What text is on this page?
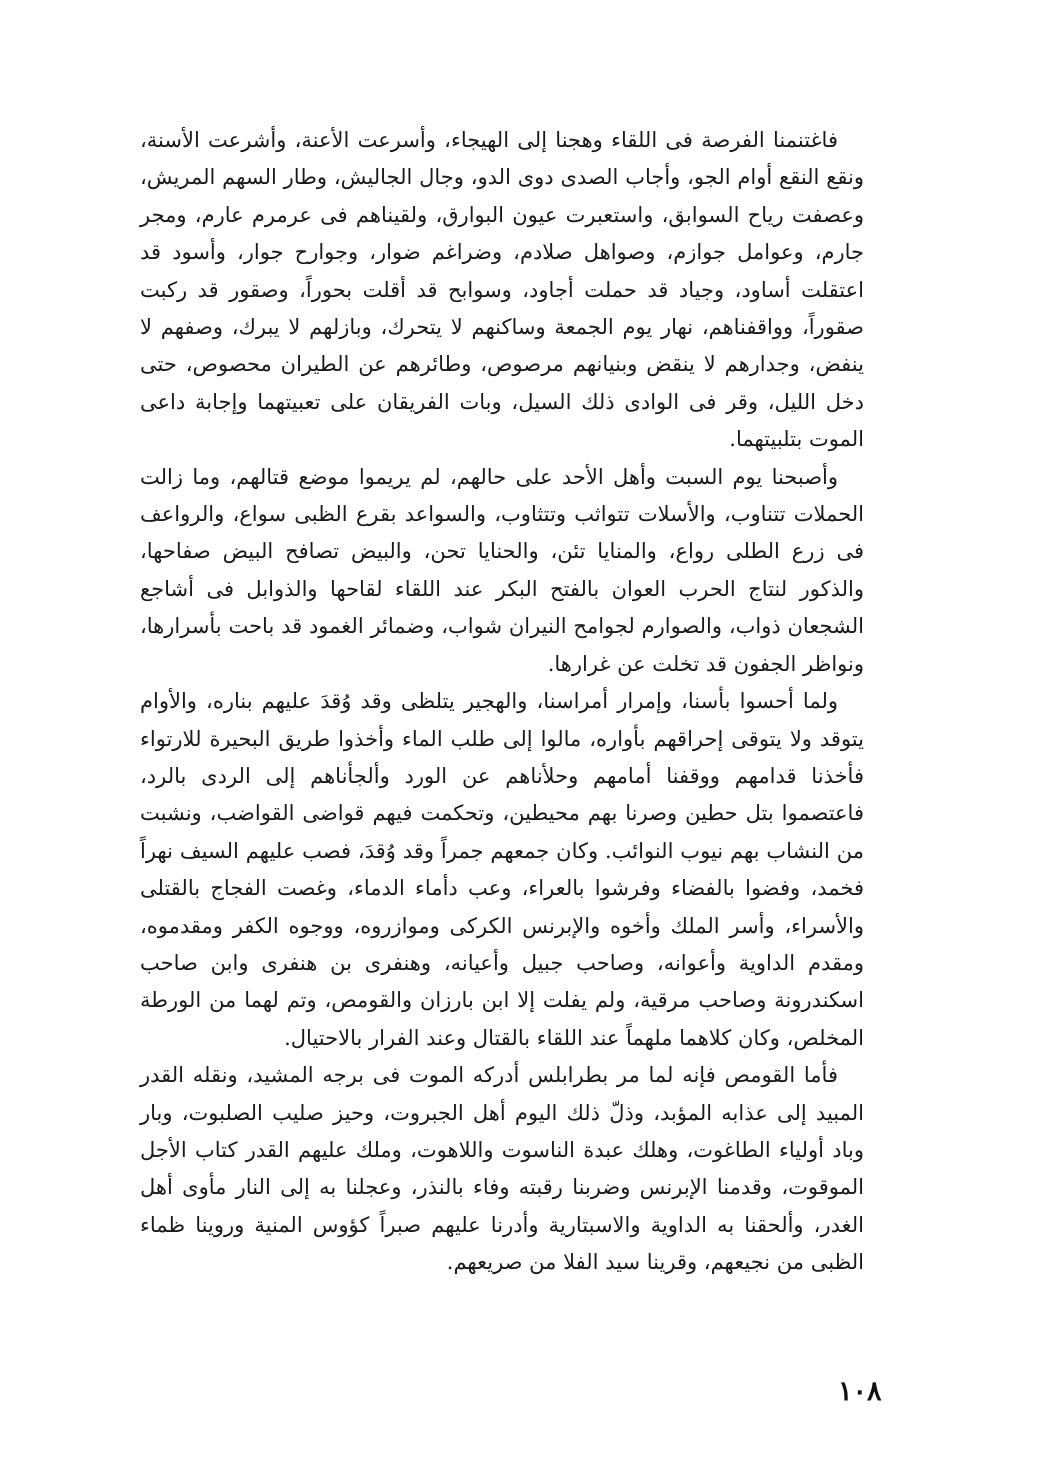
فاغتنمنا الفرصة فى اللقاء وهجنا إلى الهيجاء، وأسرعت الأعنة، وأشرعت الأسنة، ونقع النقع أوام الجو، وأجاب الصدى دوى الدو، وجال الجاليش، وطار السهم المريش، وعصفت رياح السوابق، واستعبرت عيون البوارق، ولقيناهم فى عرمرم عارم، ومجر جارم، وعوامل جوازم، وصواهل صلادم، وضراغم ضوار، وجوارح جوار، وأسود قد اعتقلت أساود، وجياد قد حملت أجاود، وسوابح قد أقلت بحوراً، وصقور قد ركبت صقوراً، وواقفناهم، نهار يوم الجمعة وساكنهم لا يتحرك، وبازلهم لا يبرك، وصفهم لا ينفض، وجدارهم لا ينقض وبنيانهم مرصوص، وطائرهم عن الطيران محصوص، حتى دخل الليل، وقر فى الوادى ذلك السيل، وبات الفريقان على تعبيتهما وإجابة داعى الموت بتلبيتهما.

وأصبحنا يوم السبت وأهل الأحد على حالهم، لم يريموا موضع قتالهم، وما زالت الحملات تتناوب، والأسلات تتواثب وتتثاوب، والسواعد بقرع الظبى سواع، والرواعف فى زرع الطلى رواع، والمنايا تئن، والحنايا تحن، والبيض تصافح البيض صفاحها، والذكور لنتاج الحرب العوان بالفتح البكر عند اللقاء لقاحها والذوابل فى أشاجع الشجعان ذواب، والصوارم لجوامح النيران شواب، وضمائر الغمود قد باحت بأسرارها، ونواظر الجفون قد تخلت عن غرارها.

ولما أحسوا بأسنا، وإمرار أمراسنا، والهجير يتلظى وقد وُقدَ عليهم بناره، والأوام يتوقد ولا يتوقى إحراقهم بأواره، مالوا إلى طلب الماء وأخذوا طريق البحيرة للارتواء فأخذنا قدامهم ووقفنا أمامهم وحلأناهم عن الورد وألجأناهم إلى الردى بالرد، فاعتصموا بتل حطين وصرنا بهم محيطين، وتحكمت فيهم قواضى القواضب، ونشبت من النشاب بهم نيوب النوائب. وكان جمعهم جمراً وقد وُقدَ، فصب عليهم السيف نهراً فخمد، وفضوا بالفضاء وفرشوا بالعراء، وعب دأماء الدماء، وغصت الفجاج بالقتلى والأسراء، وأسر الملك وأخوه والإبرنس الكركى وموازروه، ووجوه الكفر ومقدموه، ومقدم الداوية وأعوانه، وصاحب جبيل وأعيانه، وهنفرى بن هنفرى وابن صاحب اسكندرونة وصاحب مرقية، ولم يفلت إلا ابن بارزان والقومص، وتم لهما من الورطة المخلص، وكان كلاهما ملهماً عند اللقاء بالقتال وعند الفرار بالاحتيال.

فأما القومص فإنه لما مر بطرابلس أدركه الموت فى برجه المشيد، ونقله القدر المبيد إلى عذابه المؤبد، وذلّ ذلك اليوم أهل الجبروت، وحيز صليب الصلبوت، وبار وباد أولياء الطاغوت، وهلك عبدة الناسوت واللاهوت، وملك عليهم القدر كتاب الأجل الموقوت، وقدمنا الإبرنس وضربنا رقبته وفاء بالنذر، وعجلنا به إلى النار مأوى أهل الغدر، وألحقنا به الداوية والاسبتارية وأدرنا عليهم صبراً كؤوس المنية وروينا ظماء الظبى من نجيعهم، وقرينا سيد الفلا من صريعهم.

١٠٨
